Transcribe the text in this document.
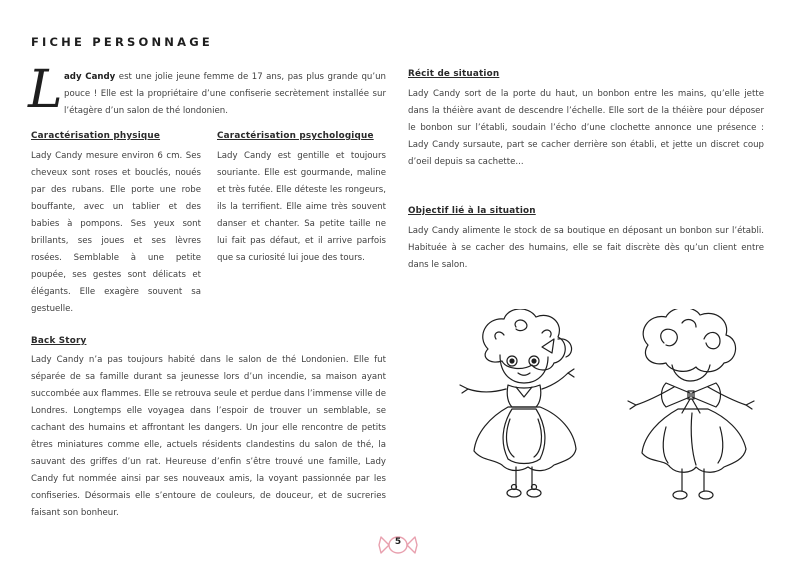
FICHE PERSONNAGE
L ady Candy est une jolie jeune femme de 17 ans, pas plus grande qu’un pouce ! Elle est la propriétaire d’une confiserie secrètement installée sur l’étagère d’un salon de thé londonien.
Caractérisation physique
Lady Candy mesure environ 6 cm. Ses cheveux sont roses et bouclés, noués par des rubans. Elle porte une robe bouffante, avec un tablier et des babies à pompons. Ses yeux sont brillants, ses joues et ses lèvres rosées. Semblable à une petite poupée, ses gestes sont délicats et élégants. Elle exagère souvent sa gestuelle.
Caractérisation psychologique
Lady Candy est gentille et toujours souriante. Elle est gourmande, maline et très futée. Elle déteste les rongeurs, ils la terrifient. Elle aime très souvent danser et chanter. Sa petite taille ne lui fait pas défaut, et il arrive parfois que sa curiosité lui joue des tours.
Back Story
Lady Candy n’a pas toujours habité dans le salon de thé Londonien. Elle fut séparée de sa famille durant sa jeunesse lors d’un incendie, sa maison ayant succombée aux flammes. Elle se retrouva seule et perdue dans l’immense ville de Londres. Longtemps elle voyagea dans l’espoir de trouver un semblable, se cachant des humains et affrontant les dangers. Un jour elle rencontre de petits êtres miniatures comme elle, actuels résidents clandestins du salon de thé, la sauvant des griffes d’un rat. Heureuse d’enfin s’être trouvé une famille, Lady Candy fut nommée ainsi par ses nouveaux amis, la voyant passionnée par les confiseries. Désormais elle s’entoure de couleurs, de douceur, et de sucreries faisant son bonheur.
Récit de situation
Lady Candy sort de la porte du haut, un bonbon entre les mains, qu’elle jette dans la théière avant de descendre l’échelle. Elle sort de la théière pour déposer le bonbon sur l’établi, soudain l’écho d’une clochette annonce une présence : Lady Candy sursaute, part se cacher derrière son établi, et jette un discret coup d’oeil depuis sa cachette...
Objectif lié à la situation
Lady Candy alimente le stock de sa boutique en déposant un bonbon sur l’établi. Habituée à se cacher des humains, elle se fait discrète dès qu’un client entre dans le salon.
5
